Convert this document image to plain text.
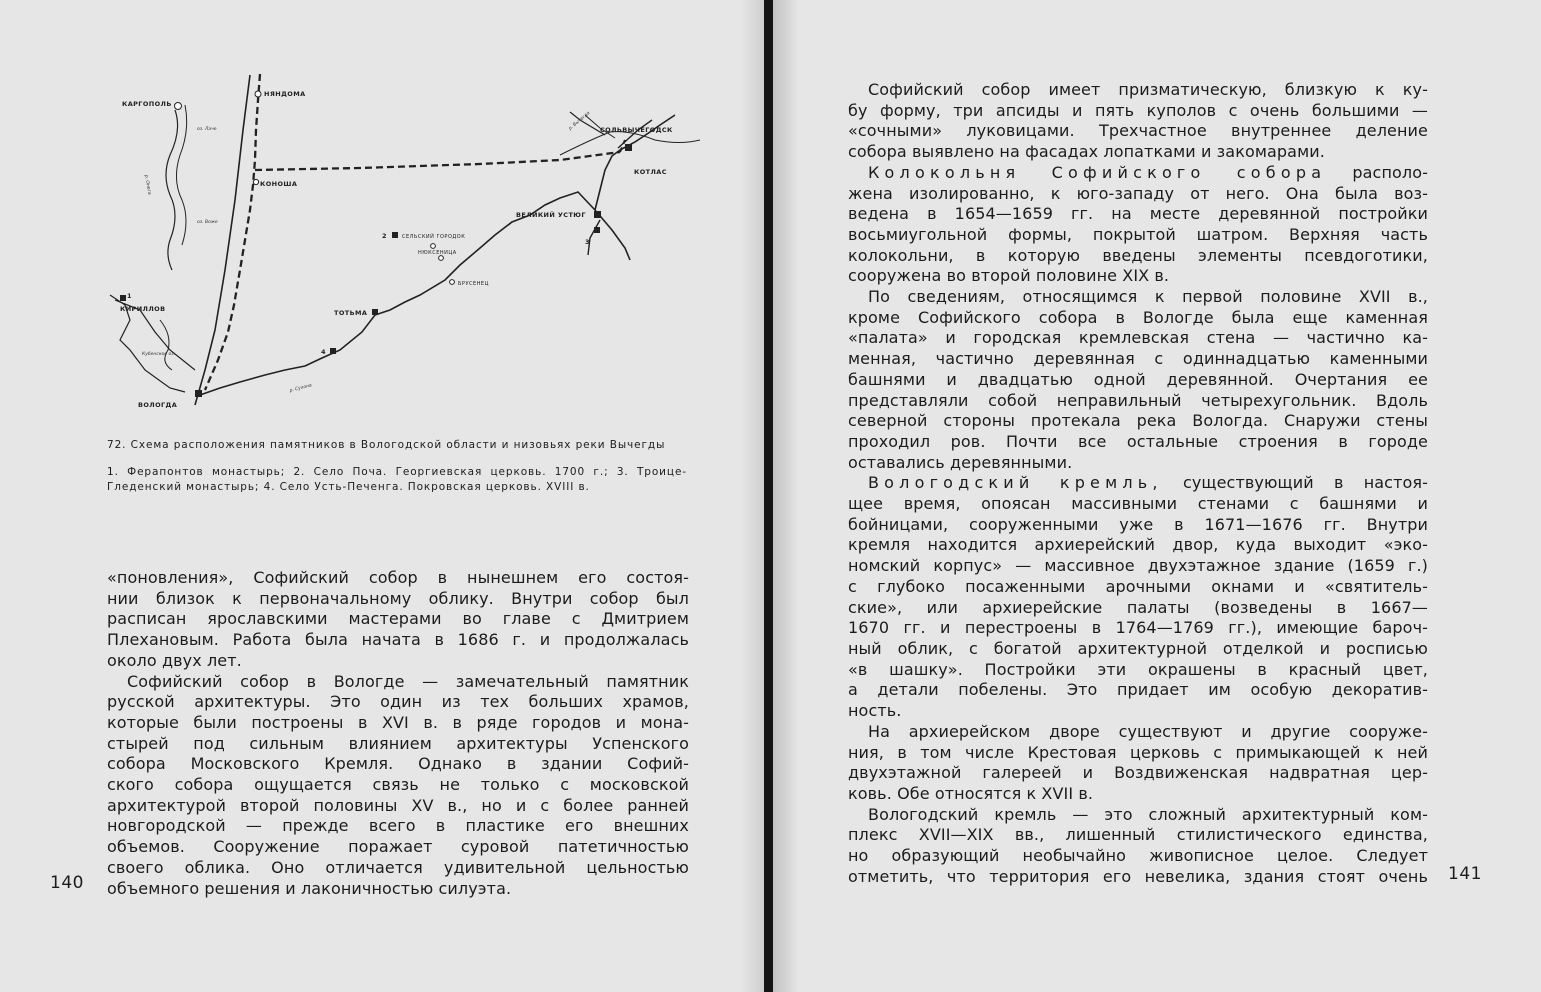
КАРГОПОЛЬ
НЯНДОМА
КОНОША
СОЛЬВЫЧЕГОДСК
КОТЛАС
ВЕЛИКИЙ УСТЮГ
СЕЛЬСКИЙ ГОРОДОК
НЮКСЕНИЦА
БРУСЕНЕЦ
КИРИЛЛОВ	ТОТЬМА
ВОЛОГДА
Кубенское оз.
оз. Лаче
оз. Воже
р. Сухона
р. Вычегда
р. Онега
1
2
3
4

72. Схема расположения памятников в Вологодской области и низовьях реки Вычегды

1. Ферапонтов монастырь; 2. Село Поча. Георгиевская церковь. 1700 г.; 3. Троице-Гледенский монастырь; 4. Село Усть-Печенга. Покровская церковь. XVIII в.

«поновления», Софийский собор в нынешнем его состоя-

нии близок к первоначальному облику. Внутри собор был

расписан ярославскими мастерами во главе с Дмитрием

Плехановым. Работа была начата в 1686 г. и продолжалась

около двух лет.

Софийский собор в Вологде — замечательный памятник

русской архитектуры. Это один из тех больших храмов,

которые были построены в XVI в. в ряде городов и мона-

стырей под сильным влиянием архитектуры Успенского

собора Московского Кремля. Однако в здании Софий-

ского собора ощущается связь не только с московской

архитектурой второй половины XV в., но и с более ранней

новгородской — прежде всего в пластике его внешних

объемов. Сооружение поражает суровой патетичностью

своего облика. Оно отличается удивительной цельностью

объемного решения и лаконичностью силуэта.

140

Софийский собор имеет призматическую, близкую к ку-

бу форму, три апсиды и пять куполов с очень большими —

«сочными» луковицами. Трехчастное внутреннее деление

собора выявлено на фасадах лопатками и закомарами.

Колокольня Софийского собора располо-

жена изолированно, к юго-западу от него. Она была воз-

ведена в 1654—1659 гг. на месте деревянной постройки

восьмиугольной формы, покрытой шатром. Верхняя часть

колокольни, в которую введены элементы псевдоготики,

сооружена во второй половине XIX в.

По сведениям, относящимся к первой половине XVII в.,

кроме Софийского собора в Вологде была еще каменная

«палата» и городская кремлевская стена — частично ка-

менная, частично деревянная с одиннадцатью каменными

башнями и двадцатью одной деревянной. Очертания ее

представляли собой неправильный четырехугольник. Вдоль

северной стороны протекала река Вологда. Снаружи стены

проходил ров. Почти все остальные строения в городе

оставались деревянными.

Вологодский кремль, существующий в настоя-

щее время, опоясан массивными стенами с башнями и

бойницами, сооруженными уже в 1671—1676 гг. Внутри

кремля находится архиерейский двор, куда выходит «эко-

номский корпус» — массивное двухэтажное здание (1659 г.)

с глубоко посаженными арочными окнами и «святитель-

ские», или архиерейские палаты (возведены в 1667—

1670 гг. и перестроены в 1764—1769 гг.), имеющие бароч-

ный облик, с богатой архитектурной отделкой и росписью

«в шашку». Постройки эти окрашены в красный цвет,

а детали побелены. Это придает им особую декоратив-

ность.

На архиерейском дворе существуют и другие сооруже-

ния, в том числе Крестовая церковь с примыкающей к ней

двухэтажной галереей и Воздвиженская надвратная цер-

ковь. Обе относятся к XVII в.

Вологодский кремль — это сложный архитектурный ком-

плекс XVII—XIX вв., лишенный стилистического единства,

но образующий необычайно живописное целое. Следует

отметить, что территория его невелика, здания стоят очень 141
